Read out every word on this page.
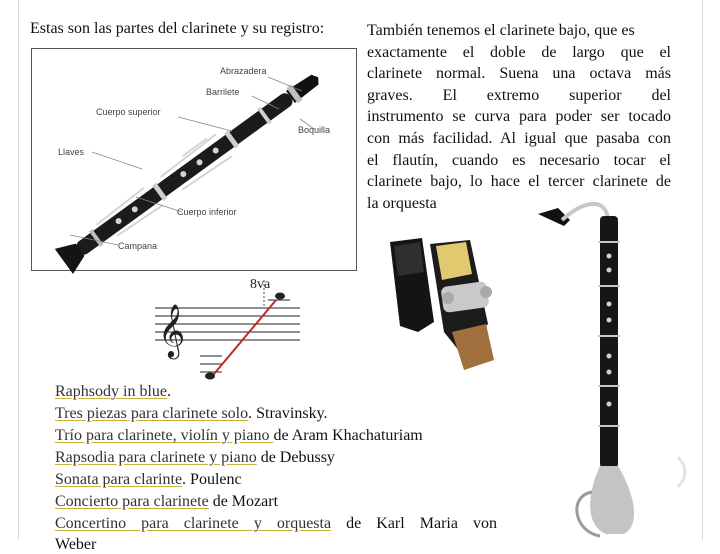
Estas son las partes del clarinete y su registro:	También tenemos el clarinete bajo, que es
exactamente el doble de largo que el
clarinete normal. Suena una octava más
graves. El extremo superior del
instrumento se curva para poder ser tocado
con más facilidad. Al igual que pasaba con
el flautín, cuando es necesario tocar el
clarinete bajo, lo hace el tercer clarinete de
la orquesta
Abrazadera
Barrilete
Cuerpo superior
Boquilla
Llaves
Cuerpo inferior
Campana
𝄞
8va
Raphsody in blue.
Tres piezas para clarinete solo. Stravinsky.
Trío para clarinete, violín y piano de Aram Khachaturiam
Rapsodia para clarinete y piano de Debussy
Sonata para clarinte. Poulenc
Concierto para clarinete de Mozart
Concertino para clarinete y orquesta de Karl Maria von
Weber
